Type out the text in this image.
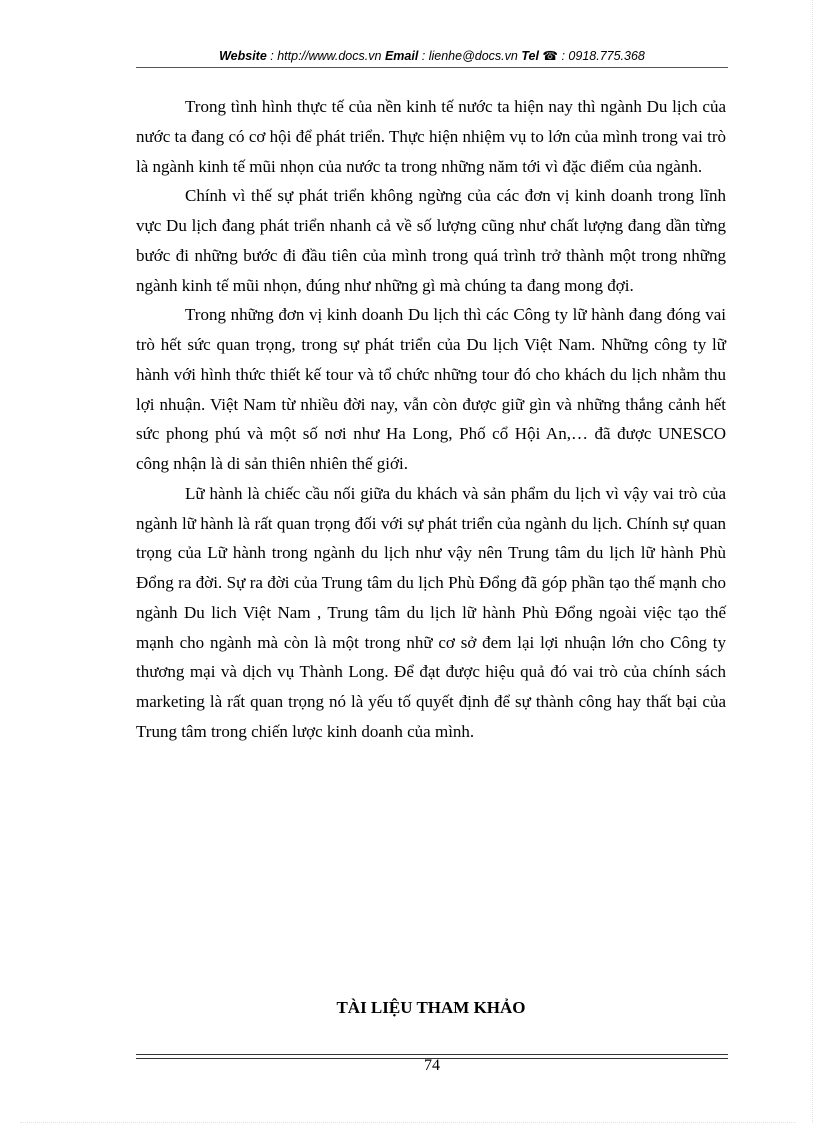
Website : http://www.docs.vn Email : lienhe@docs.vn Tel ☎ : 0918.775.368

Trong tình hình thực tế của nền kinh tế nước ta hiện nay thì ngành Du lịch của nước ta đang có cơ hội để phát triển. Thực hiện nhiệm vụ to lớn của mình trong vai trò là ngành kinh tế mũi nhọn của nước ta trong những năm tới vì đặc điểm của ngành.

Chính vì thế sự phát triển không ngừng của các đơn vị kinh doanh trong lĩnh vực Du lịch đang phát triển nhanh cả về số lượng cũng như chất lượng đang dần từng bước đi những bước đi đầu tiên của mình trong quá trình trở thành một trong những ngành kinh tế mũi nhọn, đúng như những gì mà chúng ta đang mong đợi.

Trong những đơn vị kinh doanh Du lịch thì các Công ty lữ hành đang đóng vai trò hết sức quan trọng, trong sự phát triển của Du lịch Việt Nam. Những công ty lữ hành với hình thức thiết kế tour và tổ chức những tour đó cho khách du lịch nhằm thu lợi nhuận. Việt Nam từ nhiều đời nay, vẫn còn được giữ gìn và những thắng cảnh hết sức phong phú và một số nơi như Ha Long, Phố cổ Hội An,… đã được UNESCO công nhận là di sản thiên nhiên thế giới.

Lữ hành là chiếc cầu nối giữa du khách và sản phẩm du lịch vì vậy vai trò của ngành lữ hành là rất quan trọng đối với sự phát triển của ngành du lịch. Chính sự quan trọng của Lữ hành trong ngành du lịch như vậy nên Trung tâm du lịch lữ hành Phù Đổng ra đời. Sự ra đời của Trung tâm du lịch Phù Đổng đã góp phần tạo thế mạnh cho ngành Du lich Việt Nam , Trung tâm du lịch lữ hành Phù Đổng ngoài việc tạo thế mạnh cho ngành mà còn là một trong nhữ cơ sở đem lại lợi nhuận lớn cho Công ty thương mại và dịch vụ Thành Long. Để đạt được hiệu quả đó vai trò của chính sách marketing là rất quan trọng nó là yếu tố quyết định để sự thành công hay thất bại của Trung tâm trong chiến lược kinh doanh của mình.

TÀI LIỆU THAM KHẢO
74
